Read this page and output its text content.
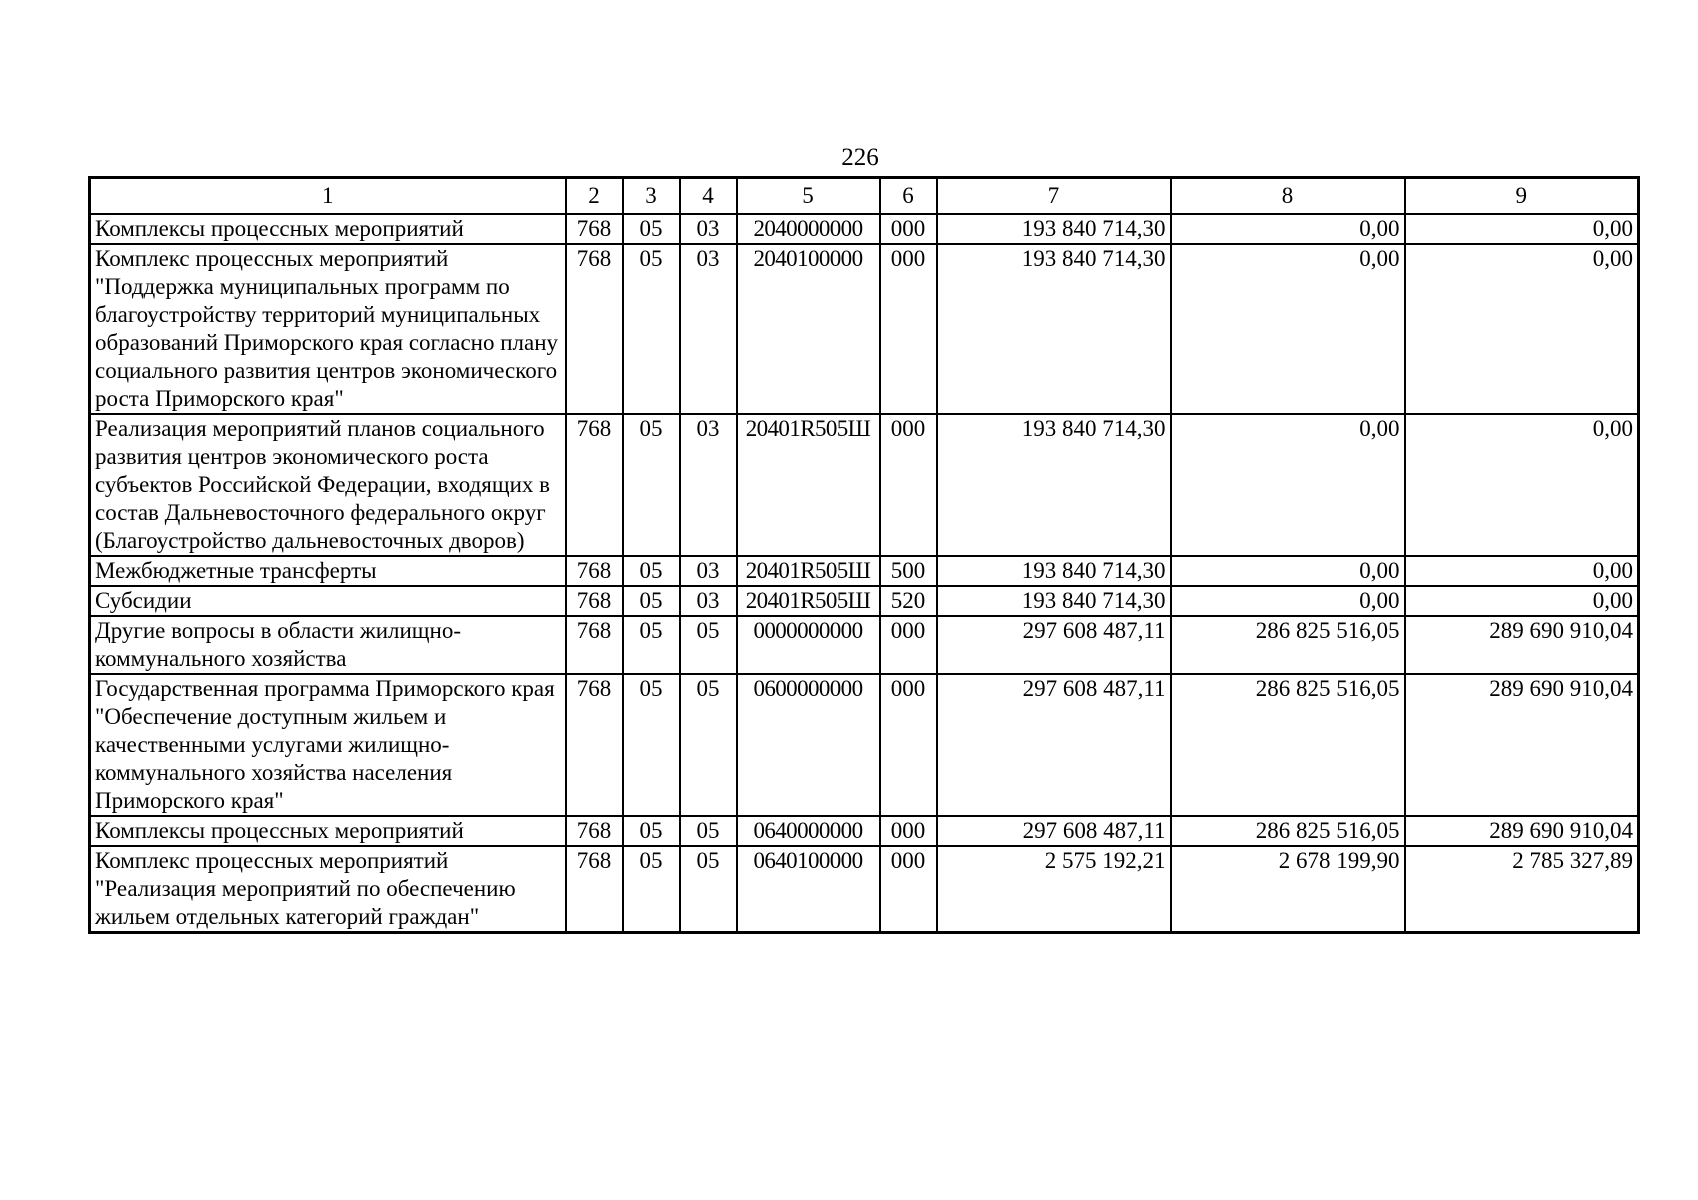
226
1	2	3	4	5	6	7	8	9
Комплексы процессных мероприятий	768	05	03	2040000000	000	193 840 714,30	0,00	0,00
Комплекс процессных мероприятий "Поддержка муниципальных программ по благоустройству территорий муниципальных образований Приморского края согласно плану социального развития центров экономического роста Приморского края"	768	05	03	2040100000	000	193 840 714,30	0,00	0,00
Реализация мероприятий планов социального развития центров экономического роста субъектов Российской Федерации, входящих в состав Дальневосточного федерального округ (Благоустройство дальневосточных дворов)	768	05	03	20401R505Ш	000	193 840 714,30	0,00	0,00
Межбюджетные трансферты	768	05	03	20401R505Ш	500	193 840 714,30	0,00	0,00
Субсидии	768	05	03	20401R505Ш	520	193 840 714,30	0,00	0,00
Другие вопросы в области жилищно-коммунального хозяйства	768	05	05	0000000000	000	297 608 487,11	286 825 516,05	289 690 910,04
Государственная программа Приморского края "Обеспечение доступным жильем и качественными услугами жилищно-коммунального хозяйства населения Приморского края"	768	05	05	0600000000	000	297 608 487,11	286 825 516,05	289 690 910,04
Комплексы процессных мероприятий	768	05	05	0640000000	000	297 608 487,11	286 825 516,05	289 690 910,04
Комплекс процессных мероприятий "Реализация мероприятий по обеспечению жильем отдельных категорий граждан"	768	05	05	0640100000	000	2 575 192,21	2 678 199,90	2 785 327,89
